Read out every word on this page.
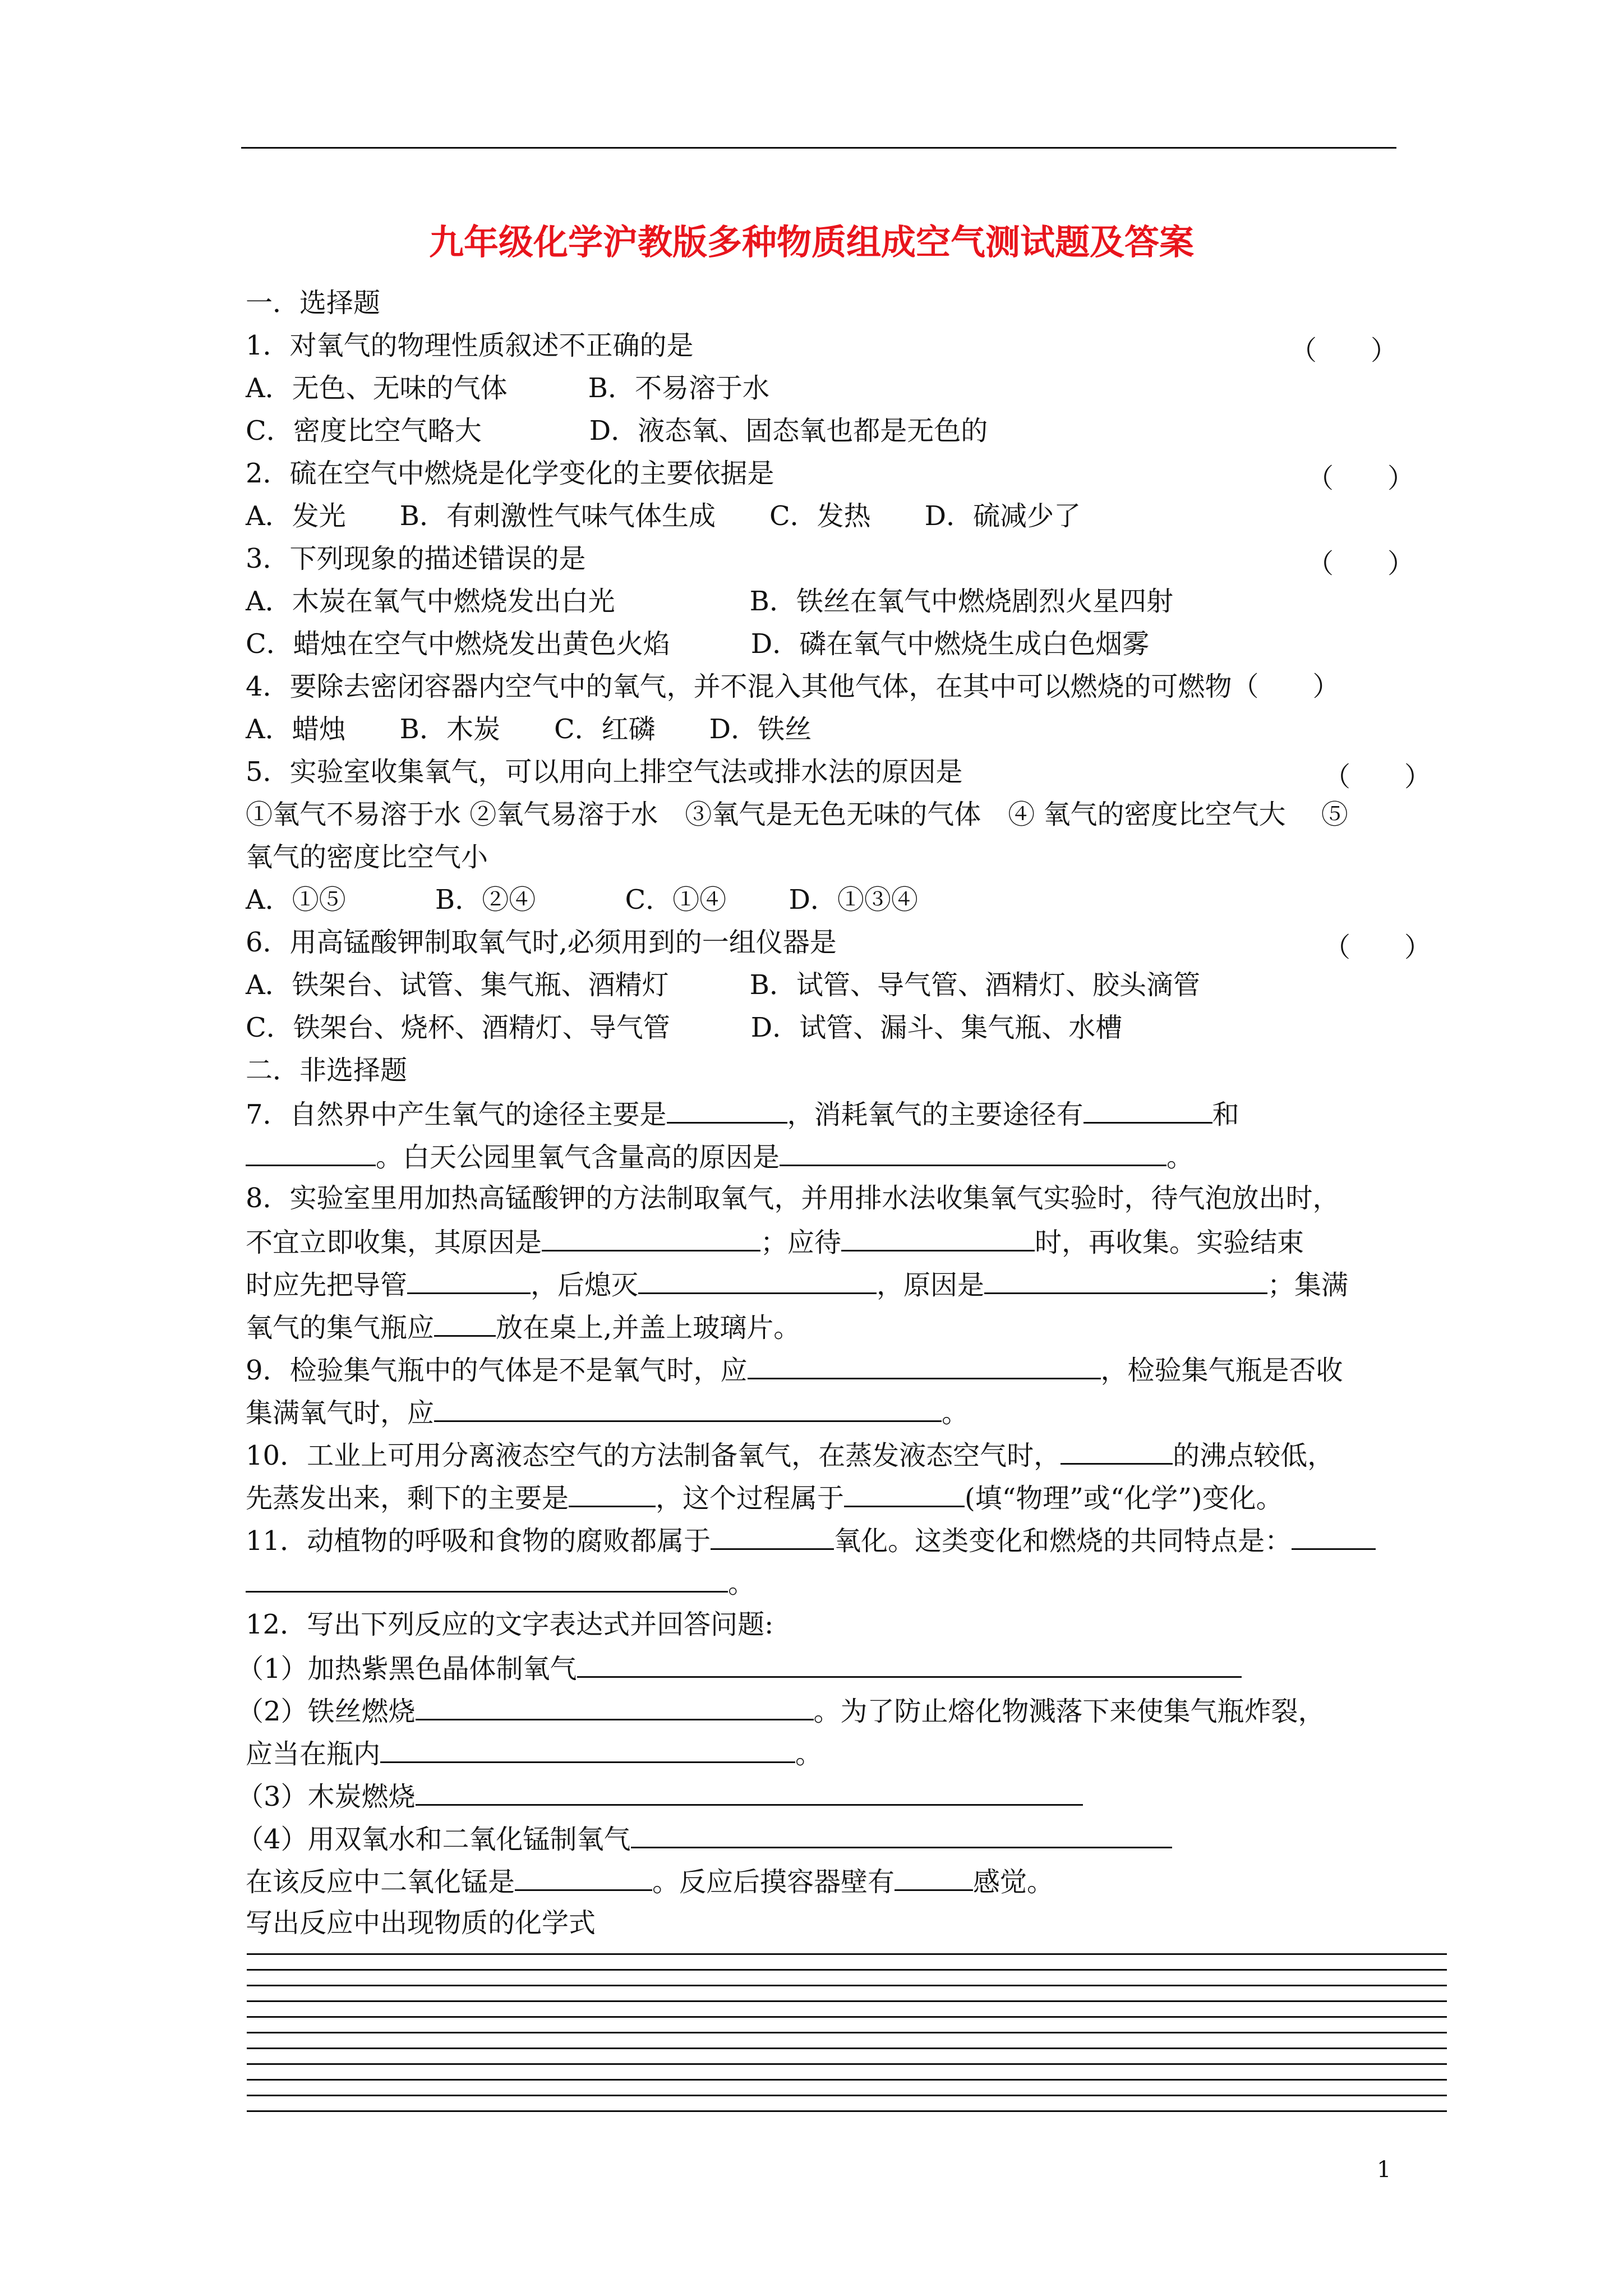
九年级化学沪教版多种物质组成空气测试题及答案
一．选择题
1．对氧气的物理性质叙述不正确的是	（　　）
A．无色、无味的气体　　　B．不易溶于水
C．密度比空气略大　　　　D．液态氧、固态氧也都是无色的
2．硫在空气中燃烧是化学变化的主要依据是	（　　）
A．发光　　B．有刺激性气味气体生成　　C．发热　　D．硫减少了
3．下列现象的描述错误的是	（　　）
A．木炭在氧气中燃烧发出白光　　　　　B．铁丝在氧气中燃烧剧烈火星四射
C．蜡烛在空气中燃烧发出黄色火焰　　　D．磷在氧气中燃烧生成白色烟雾
4．要除去密闭容器内空气中的氧气，并不混入其他气体，在其中可以燃烧的可燃物（　　）
A．蜡烛　　B．木炭　　C．红磷　　D．铁丝
5．实验室收集氧气，可以用向上排空气法或排水法的原因是	（　　）
①氧气不易溶于水 ②氧气易溶于水　③氧气是无色无味的气体　④ 氧气的密度比空气大　 ⑤
氧气的密度比空气小
A．①⑤　　　 B．②④　　　 C．①④　　 D．①③④
6．用高锰酸钾制取氧气时,必须用到的一组仪器是	（　　）
A．铁架台、试管、集气瓶、酒精灯　　　B．试管、导气管、酒精灯、胶头滴管
C．铁架台、烧杯、酒精灯、导气管　　　D．试管、漏斗、集气瓶、水槽
二．非选择题
7．自然界中产生氧气的途径主要是	，消耗氧气的主要途径有	和
。白天公园里氧气含量高的原因是	。
8．实验室里用加热高锰酸钾的方法制取氧气，并用排水法收集氧气实验时，待气泡放出时，
不宜立即收集，其原因是	；应待	时，再收集。实验结束
时应先把导管	，后熄灭	，原因是	；集满
氧气的集气瓶应 放在桌上,并盖上玻璃片。
9．检验集气瓶中的气体是不是氧气时，应	，检验集气瓶是否收
集满氧气时，应	。
10．工业上可用分离液态空气的方法制备氧气，在蒸发液态空气时，	的沸点较低，
先蒸发出来，剩下的主要是	，这个过程属于	(填“物理”或“化学”)变化。
11．动植物的呼吸和食物的腐败都属于	氧化。这类变化和燃烧的共同特点是：
。
12．写出下列反应的文字表达式并回答问题:
（1）加热紫黑色晶体制氧气
（2）铁丝燃烧	。为了防止熔化物溅落下来使集气瓶炸裂，
应当在瓶内	。
（3）木炭燃烧
（4）用双氧水和二氧化锰制氧气
在该反应中二氧化锰是	。反应后摸容器壁有	感觉。
写出反应中出现物质的化学式
1
